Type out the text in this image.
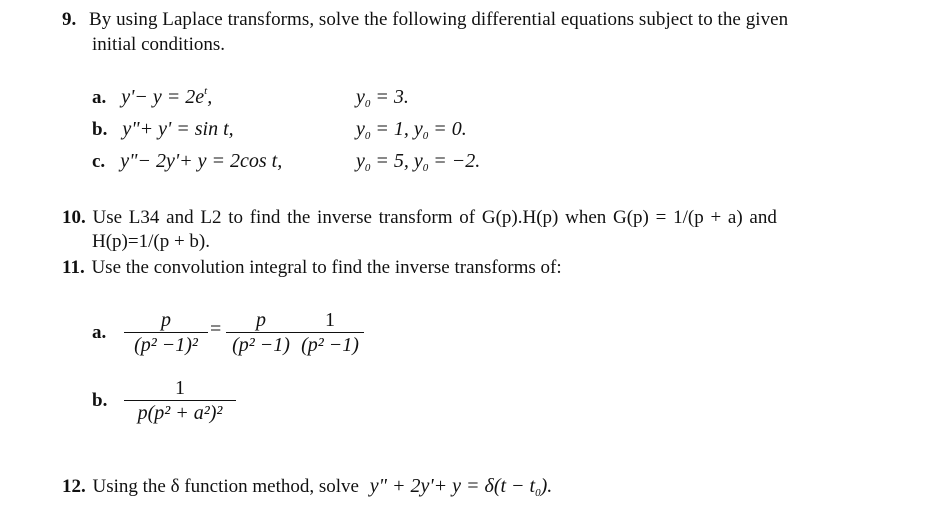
9. By using Laplace transforms, solve the following differential equations subject to the given
initial conditions.
a. $y'- y = 2e^t$,	$y_0 = 3$.
b. y"+ y' = sin t,	$y_0 = 1$, $y_0 = 0$.
c. y"− 2y'+ y = 2cos t,	$y_0 = 5$, $y_0 = -2$.
10. Use L34 and L2 to find the inverse transform of G(p).H(p) when G(p) = 1/(p + a) and
H(p)=1/(p + b).
11. Use the convolution integral to find the inverse transforms of:
a.
p
(p² −1)²
=	p
(p² −1)
1
(p² −1)
b.
1
p(p² + a²)²
12. Using the δ function method, solve y" + $2y'+ y = \delta(t - t_0)$.
